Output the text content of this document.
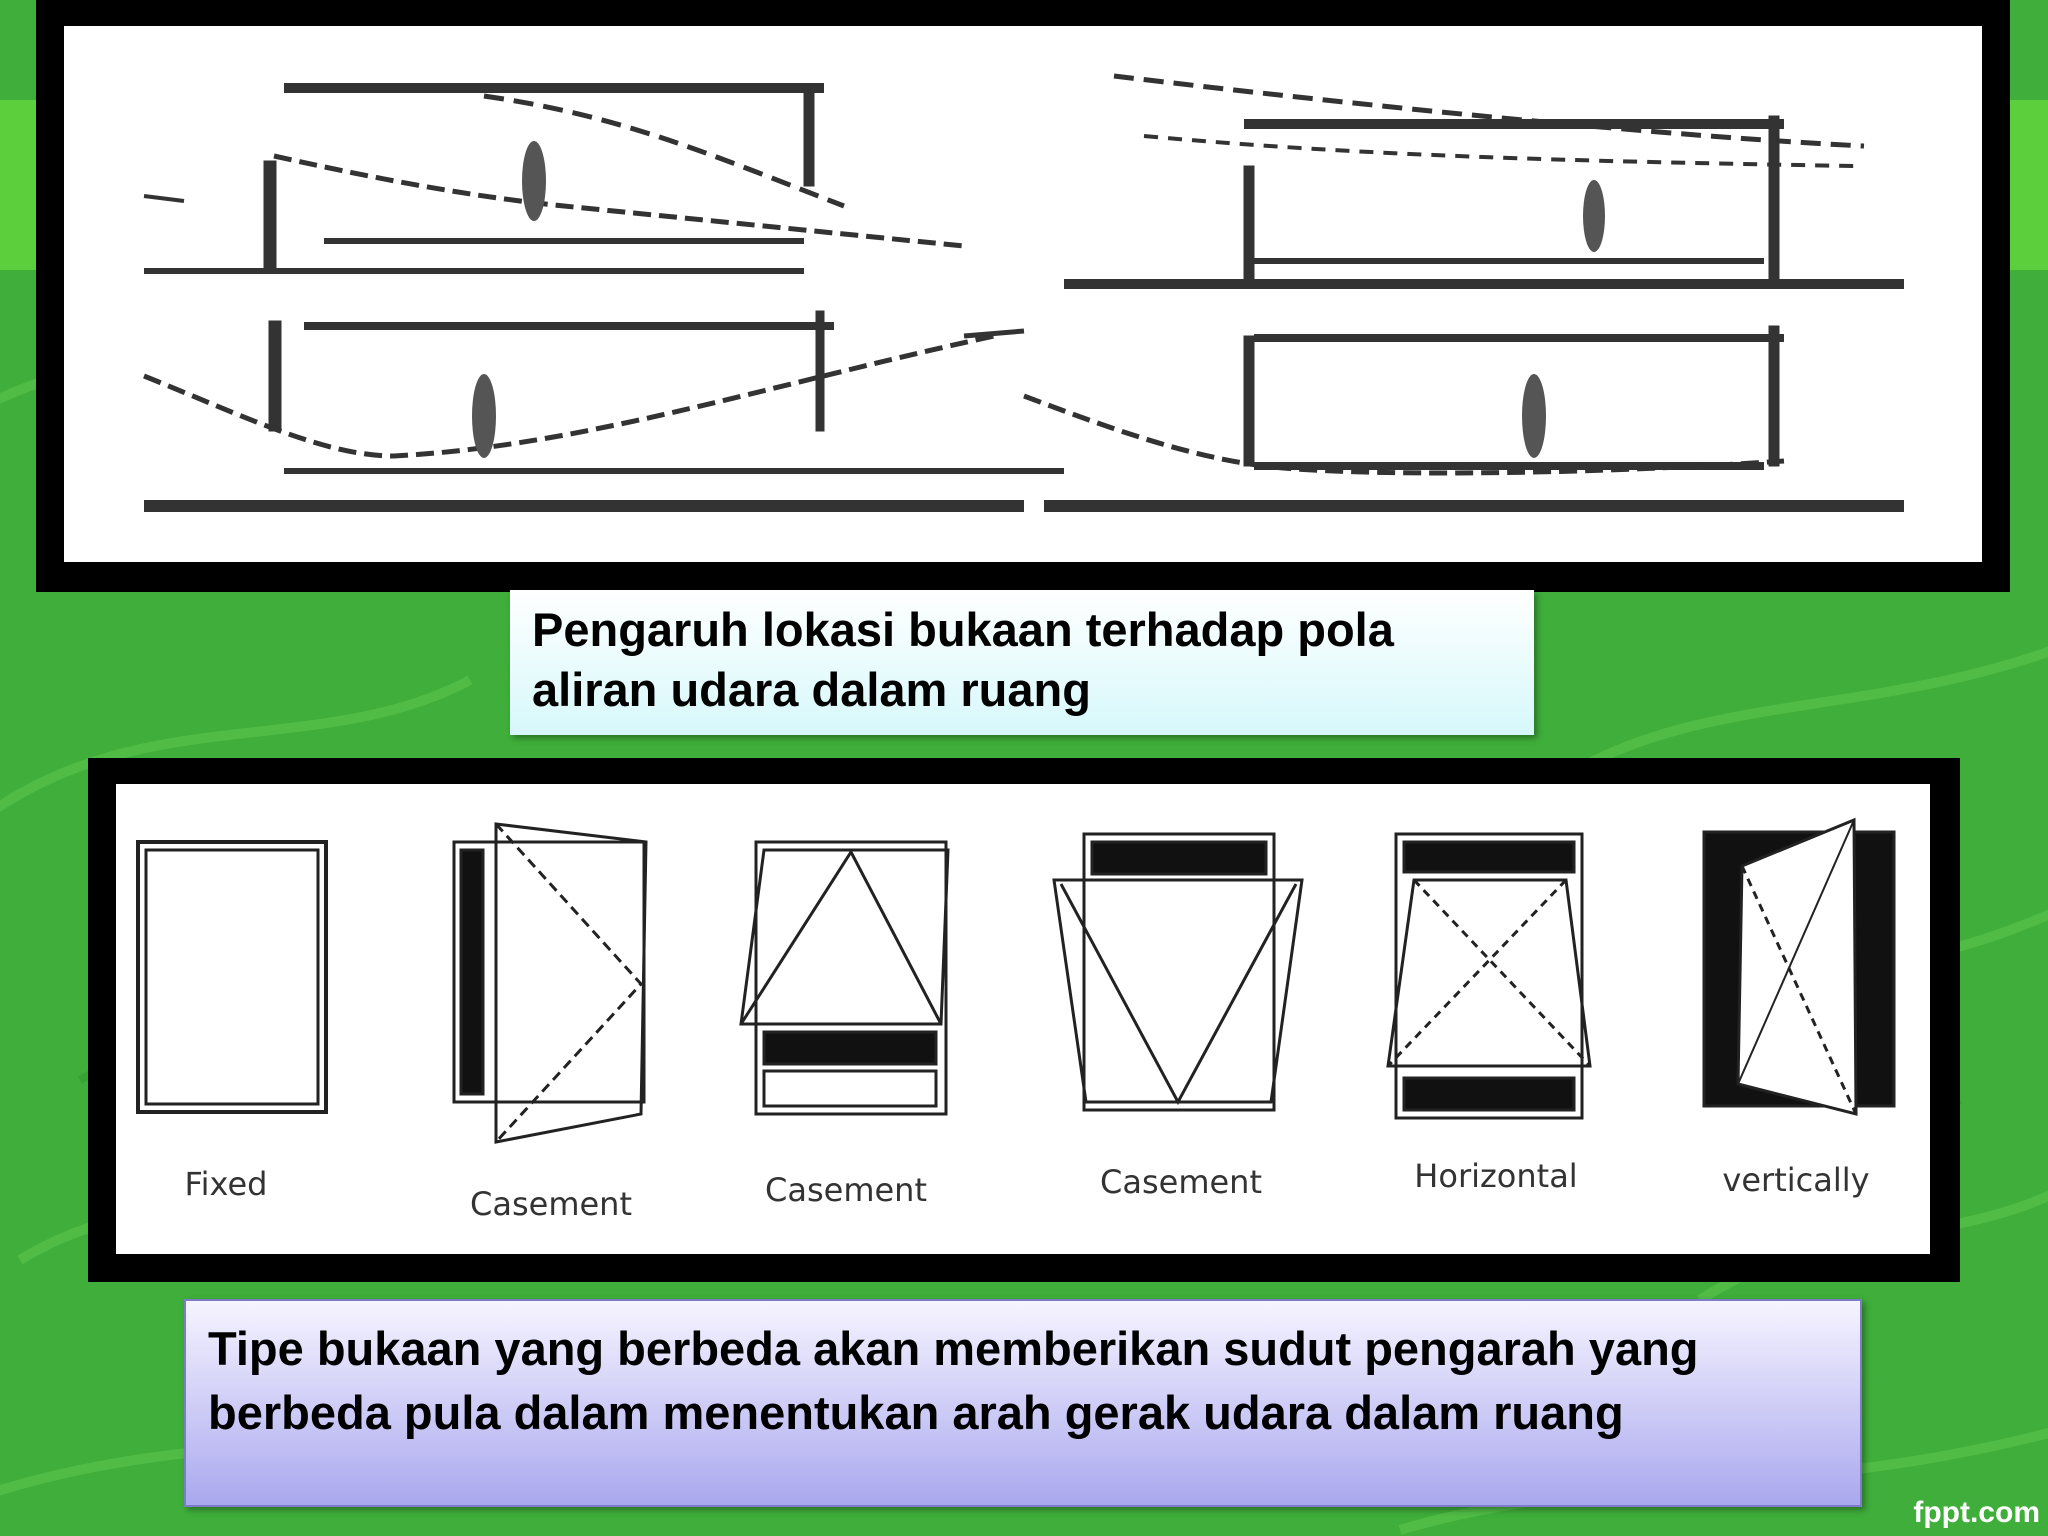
Pengaruh lokasi bukaan terhadap pola
aliran udara dalam ruang

Fixed

Casement	Casement	Casement	Horizontal	vertically

Tipe bukaan yang berbeda akan memberikan sudut pengarah yang
berbeda pula dalam menentukan arah gerak udara dalam ruang
fppt.com
